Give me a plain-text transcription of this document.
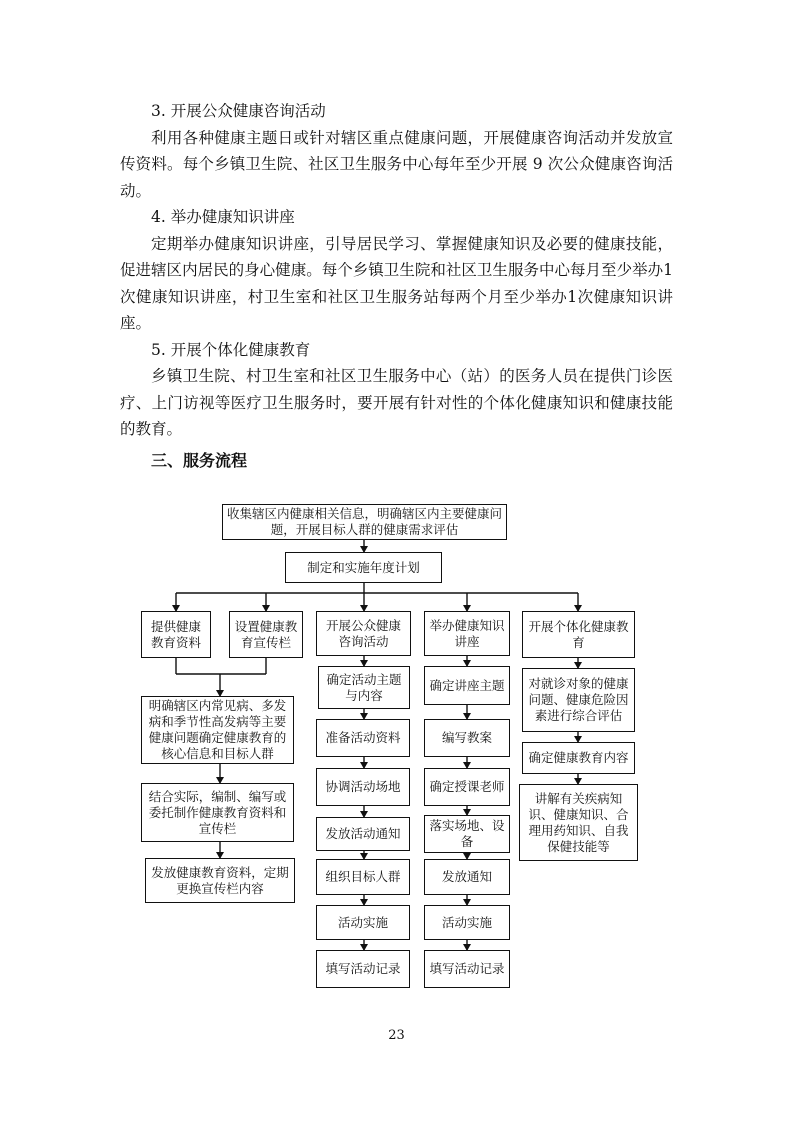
3. 开展公众健康咨询活动

利用各种健康主题日或针对辖区重点健康问题，开展健康咨询活动并发放宣传资料。每个乡镇卫生院、社区卫生服务中心每年至少开展 9 次公众健康咨询活动。

4. 举办健康知识讲座

定期举办健康知识讲座，引导居民学习、掌握健康知识及必要的健康技能，促进辖区内居民的身心健康。每个乡镇卫生院和社区卫生服务中心每月至少举办1次健康知识讲座，村卫生室和社区卫生服务站每两个月至少举办1次健康知识讲座。

5. 开展个体化健康教育

乡镇卫生院、村卫生室和社区卫生服务中心（站）的医务人员在提供门诊医疗、上门访视等医疗卫生服务时，要开展有针对性的个体化健康知识和健康技能的教育。

三、服务流程
收集辖区内健康相关信息，明确辖区内主要健康问题，开展目标人群的健康需求评估
制定和实施年度计划
提供健康教育资料
设置健康教育宣传栏
开展公众健康咨询活动
举办健康知识讲座
开展个体化健康教育
明确辖区内常见病、多发病和季节性高发病等主要健康问题确定健康教育的核心信息和目标人群
结合实际，编制、编写或委托制作健康教育资料和宣传栏
发放健康教育资料，定期更换宣传栏内容
确定活动主题与内容
准备活动资料
协调活动场地
发放活动通知
组织目标人群
活动实施
填写活动记录
确定讲座主题
编写教案
确定授课老师
落实场地、设备
发放通知
活动实施
填写活动记录
对就诊对象的健康问题、健康危险因素进行综合评估
确定健康教育内容
讲解有关疾病知识、健康知识、合理用药知识、自我保健技能等
23
